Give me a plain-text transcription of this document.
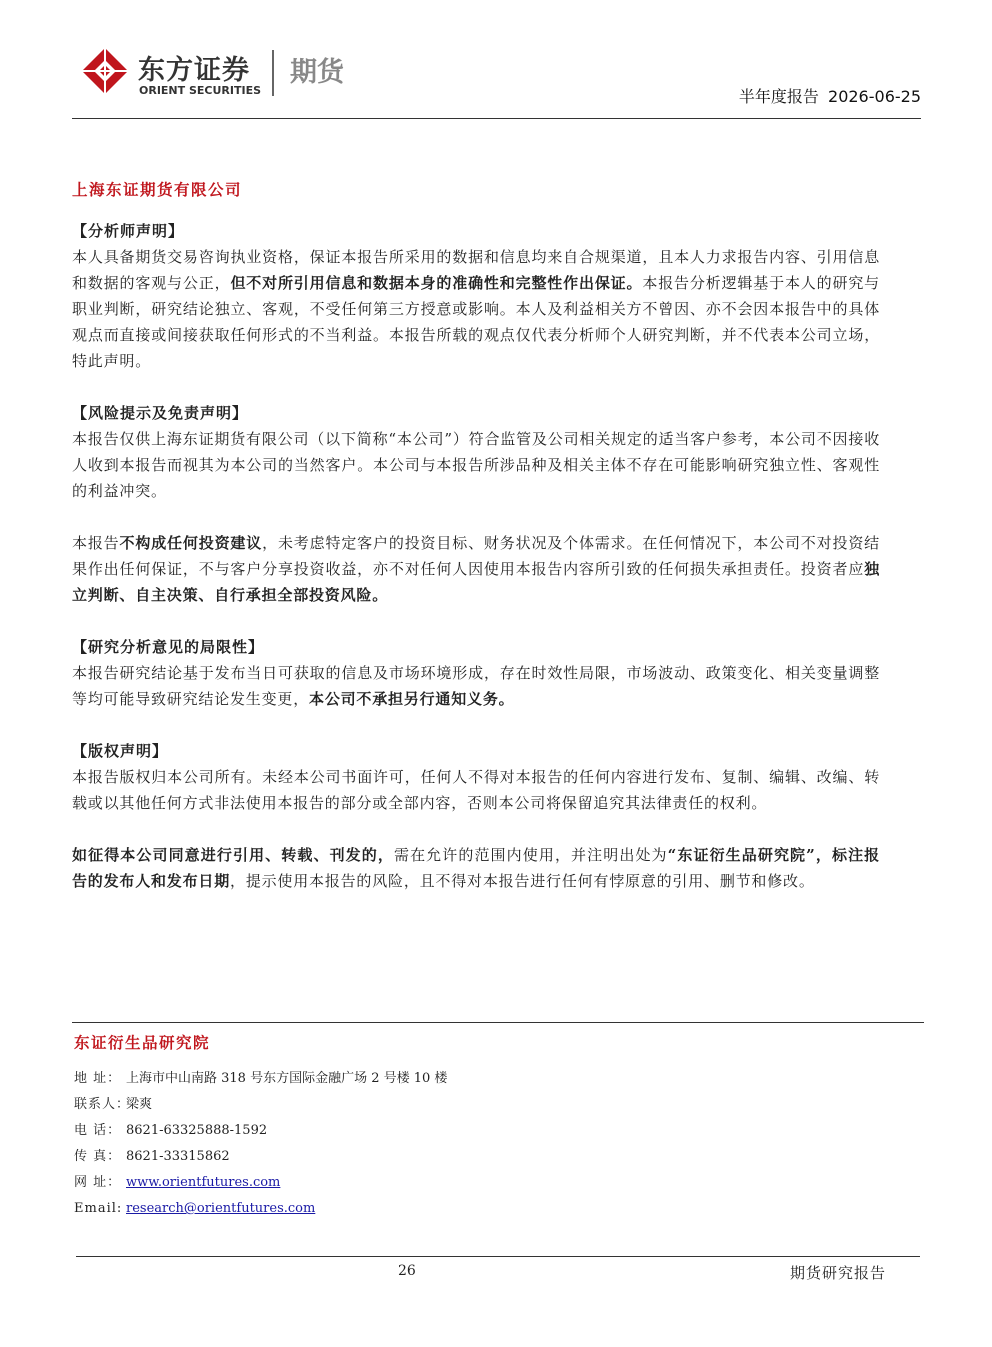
东方证券
ORIENT SECURITIES
期货
半年度报告 2026-06-25

上海东证期货有限公司

【分析师声明】

本人具备期货交易咨询执业资格，保证本报告所采用的数据和信息均来自合规渠道，且本人力求报告内容、引用信息和数据的客观与公正，但不对所引用信息和数据本身的准确性和完整性作出保证。本报告分析逻辑基于本人的研究与职业判断，研究结论独立、客观，不受任何第三方授意或影响。本人及利益相关方不曾因、亦不会因本报告中的具体观点而直接或间接获取任何形式的不当利益。本报告所载的观点仅代表分析师个人研究判断，并不代表本公司立场，特此声明。

【风险提示及免责声明】

本报告仅供上海东证期货有限公司（以下简称“本公司”）符合监管及公司相关规定的适当客户参考，本公司不因接收人收到本报告而视其为本公司的当然客户。本公司与本报告所涉品种及相关主体不存在可能影响研究独立性、客观性的利益冲突。

本报告不构成任何投资建议，未考虑特定客户的投资目标、财务状况及个体需求。在任何情况下，本公司不对投资结果作出任何保证，不与客户分享投资收益，亦不对任何人因使用本报告内容所引致的任何损失承担责任。投资者应独立判断、自主决策、自行承担全部投资风险。

【研究分析意见的局限性】

本报告研究结论基于发布当日可获取的信息及市场环境形成，存在时效性局限，市场波动、政策变化、相关变量调整等均可能导致研究结论发生变更，本公司不承担另行通知义务。

【版权声明】

本报告版权归本公司所有。未经本公司书面许可，任何人不得对本报告的任何内容进行发布、复制、编辑、改编、转载或以其他任何方式非法使用本报告的部分或全部内容，否则本公司将保留追究其法律责任的权利。

如征得本公司同意进行引用、转载、刊发的，需在允许的范围内使用，并注明出处为“东证衍生品研究院”，标注报告的发布人和发布日期，提示使用本报告的风险，且不得对本报告进行任何有悖原意的引用、删节和修改。

东证衍生品研究院
地 址： 上海市中山南路 318 号东方国际金融广场 2 号楼 10 楼
联系人：梁爽
电 话： 8621-63325888-1592
传 真： 8621-33315862
网 址： www.orientfutures.com
Email: research@orientfutures.com
26	期货研究报告
